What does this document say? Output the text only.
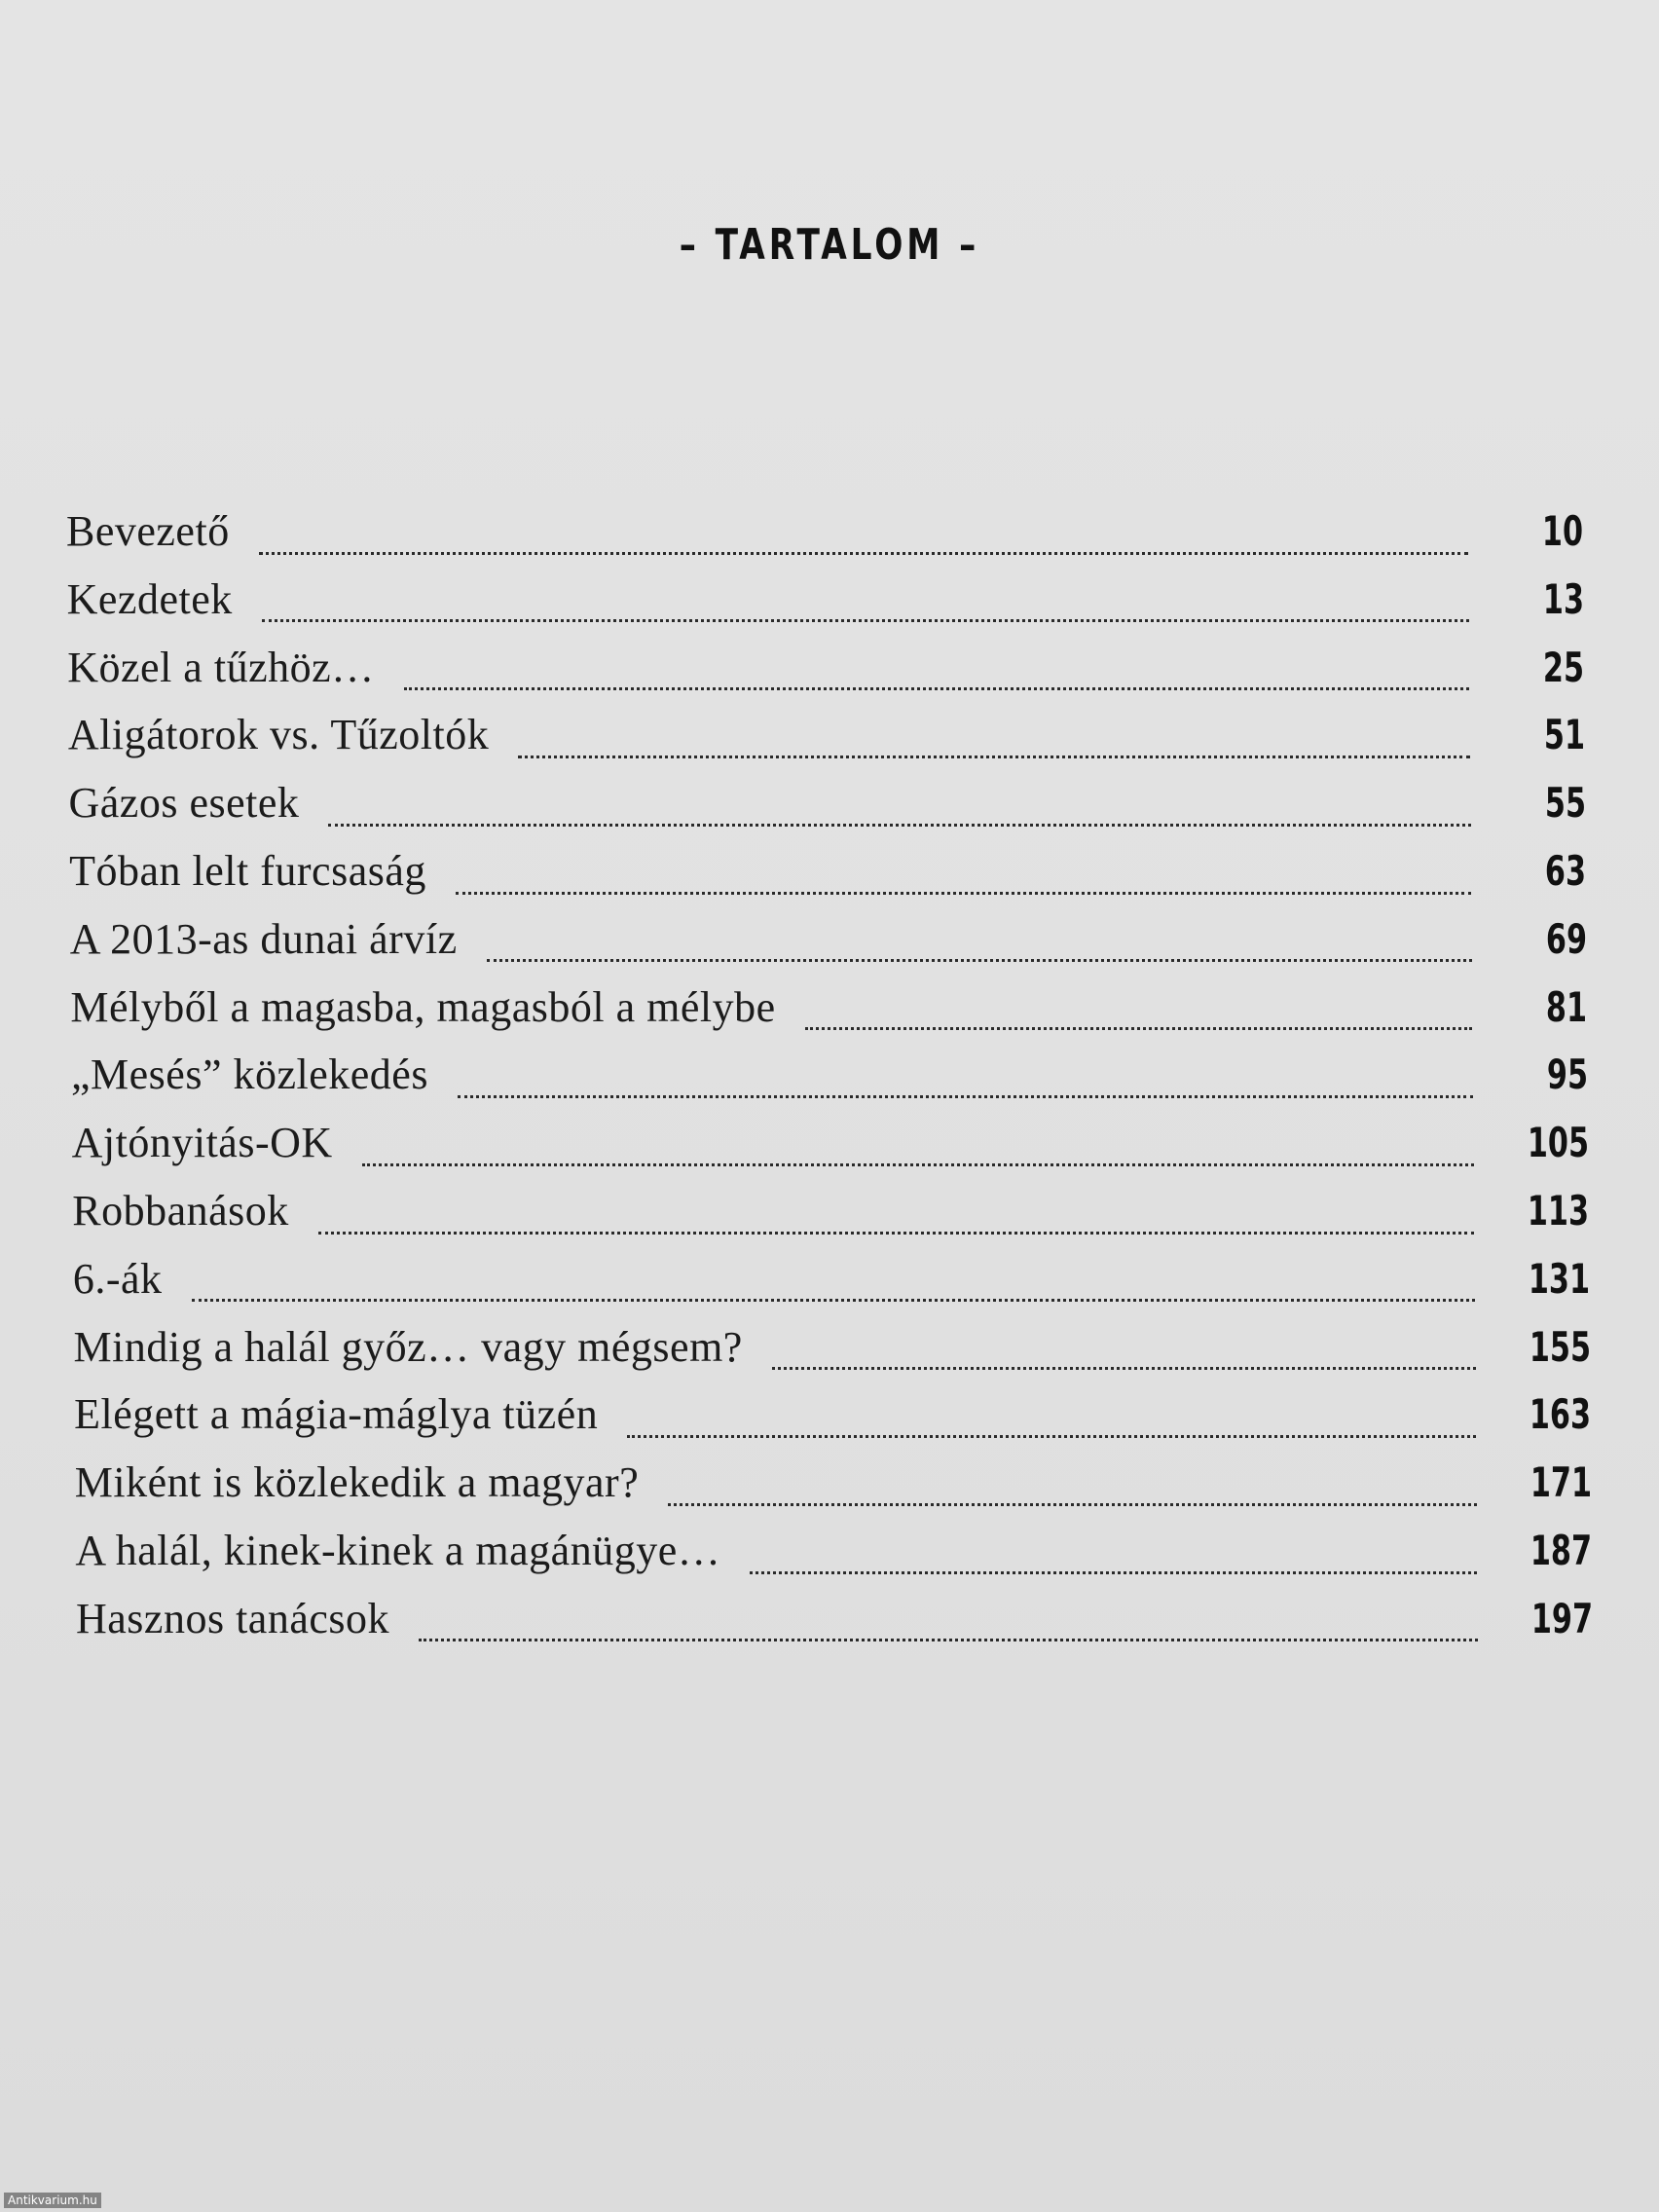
– TARTALOM –
Bevezető	10
Kezdetek	13
Közel a tűzhöz…	25
Aligátorok vs. Tűzoltók	51
Gázos esetek	55
Tóban lelt furcsaság	63
A 2013-as dunai árvíz	69
Mélyből a magasba, magasból a mélybe	81
„Mesés” közlekedés	95
Ajtónyitás-OK	105
Robbanások	113
6.-ák	131
Mindig a halál győz… vagy mégsem?	155
Elégett a mágia-máglya tüzén	163
Miként is közlekedik a magyar?	171
A halál, kinek-kinek a magánügye…	187
Hasznos tanácsok	197
Antikvarium.hu
